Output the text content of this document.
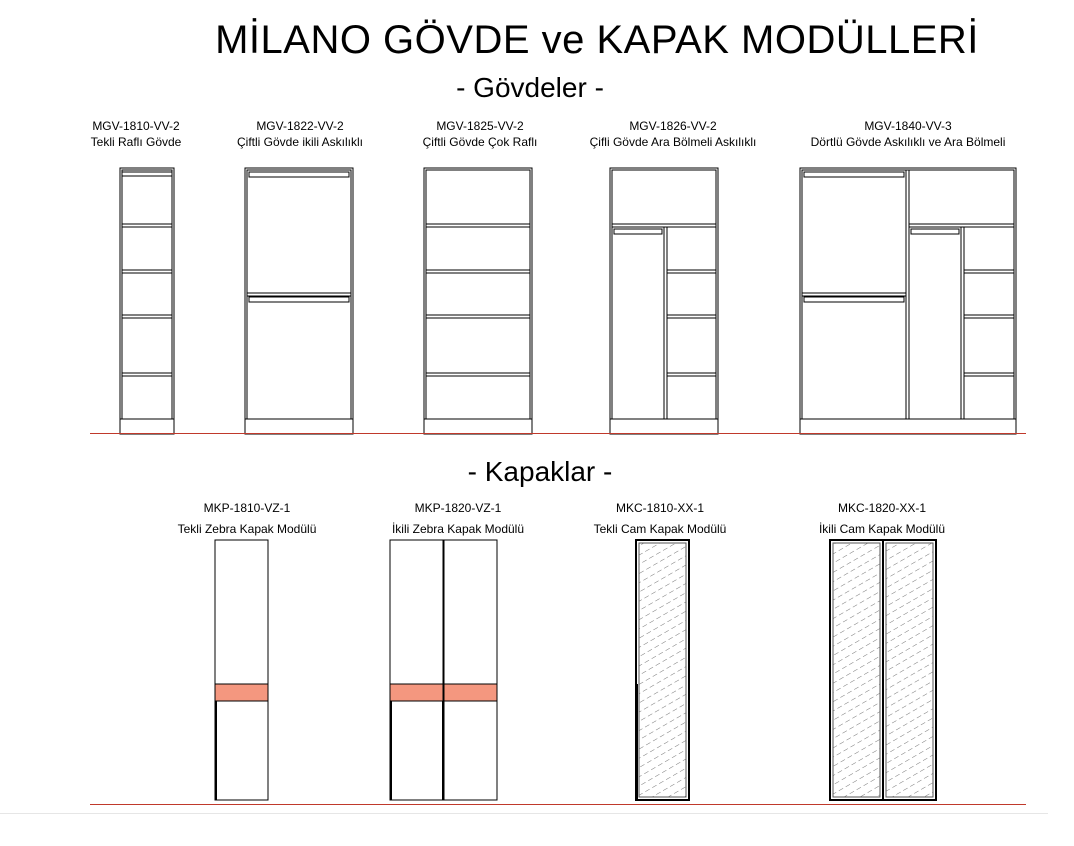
MİLANO GÖVDE ve KAPAK MODÜLLERİ
- Gövdeler -
- Kapaklar -
MGV-1810-VV-2
Tekli Raflı Gövde
MGV-1822-VV-2
Çiftli Gövde ikili Askılıklı
MGV-1825-VV-2
Çiftli Gövde Çok Raflı
MGV-1826-VV-2
Çifli Gövde Ara Bölmeli Askılıklı
MGV-1840-VV-3
Dörtlü Gövde Askılıklı ve Ara Bölmeli
MKP-1810-VZ-1
Tekli Zebra Kapak Modülü
MKP-1820-VZ-1
İkili Zebra Kapak Modülü
MKC-1810-XX-1
Tekli Cam Kapak Modülü
MKC-1820-XX-1
İkili Cam Kapak Modülü
